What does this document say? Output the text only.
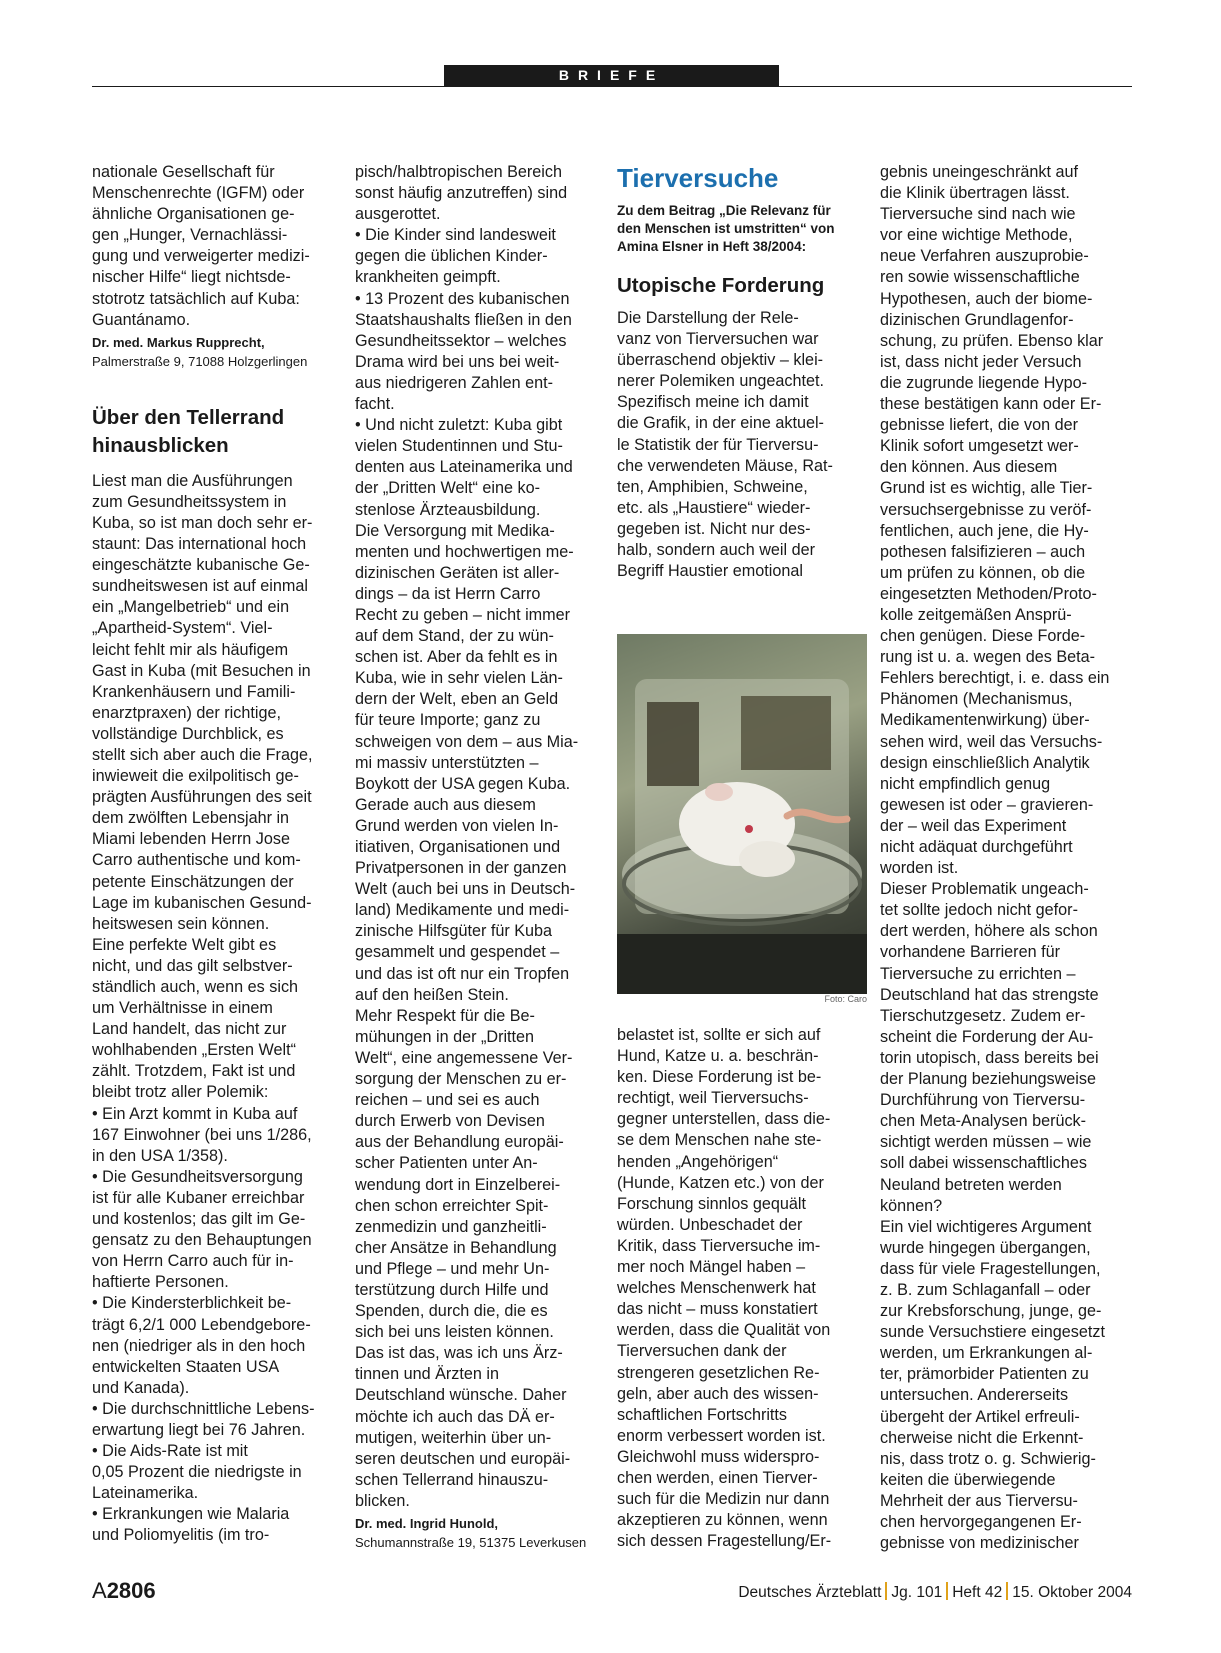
BRIEFE

nationale Gesellschaft für
Menschenrechte (IGFM) oder
ähnliche Organisationen ge-
gen „Hunger, Vernachlässi-
gung und verweigerter medizi-
nischer Hilfe“ liegt nichtsde-
stotrotz tatsächlich auf Kuba:
Guantánamo.

Dr. med. Markus Rupprecht,
Palmerstraße 9, 71088 Holzgerlingen

Über den Tellerrand
hinausblicken

Liest man die Ausführungen
zum Gesundheitssystem in
Kuba, so ist man doch sehr er-
staunt: Das international hoch
eingeschätzte kubanische Ge-
sundheitswesen ist auf einmal
ein „Mangelbetrieb“ und ein
„Apartheid-System“. Viel-
leicht fehlt mir als häufigem
Gast in Kuba (mit Besuchen in
Krankenhäusern und Famili-
enarztpraxen) der richtige,
vollständige Durchblick, es
stellt sich aber auch die Frage,
inwieweit die exilpolitisch ge-
prägten Ausführungen des seit
dem zwölften Lebensjahr in
Miami lebenden Herrn Jose
Carro authentische und kom-
petente Einschätzungen der
Lage im kubanischen Gesund-
heitswesen sein können.
Eine perfekte Welt gibt es
nicht, und das gilt selbstver-
ständlich auch, wenn es sich
um Verhältnisse in einem
Land handelt, das nicht zur
wohlhabenden „Ersten Welt“
zählt. Trotzdem, Fakt ist und
bleibt trotz aller Polemik:
• Ein Arzt kommt in Kuba auf
167 Einwohner (bei uns 1/286,
in den USA 1/358).
• Die Gesundheitsversorgung
ist für alle Kubaner erreichbar
und kostenlos; das gilt im Ge-
gensatz zu den Behauptungen
von Herrn Carro auch für in-
haftierte Personen.
• Die Kindersterblichkeit be-
trägt 6,2/1 000 Lebendgebore-
nen (niedriger als in den hoch
entwickelten Staaten USA
und Kanada).
• Die durchschnittliche Lebens-
erwartung liegt bei 76 Jahren.
• Die Aids-Rate ist mit
0,05 Prozent die niedrigste in
Lateinamerika.
• Erkrankungen wie Malaria
und Poliomyelitis (im tro-

pisch/halbtropischen Bereich
sonst häufig anzutreffen) sind
ausgerottet.
• Die Kinder sind landesweit
gegen die üblichen Kinder-
krankheiten geimpft.
• 13 Prozent des kubanischen
Staatshaushalts fließen in den
Gesundheitssektor – welches
Drama wird bei uns bei weit-
aus niedrigeren Zahlen ent-
facht.
• Und nicht zuletzt: Kuba gibt
vielen Studentinnen und Stu-
denten aus Lateinamerika und
der „Dritten Welt“ eine ko-
stenlose Ärzteausbildung.
Die Versorgung mit Medika-
menten und hochwertigen me-
dizinischen Geräten ist aller-
dings – da ist Herrn Carro
Recht zu geben – nicht immer
auf dem Stand, der zu wün-
schen ist. Aber da fehlt es in
Kuba, wie in sehr vielen Län-
dern der Welt, eben an Geld
für teure Importe; ganz zu
schweigen von dem – aus Mia-
mi massiv unterstützten –
Boykott der USA gegen Kuba.
Gerade auch aus diesem
Grund werden von vielen In-
itiativen, Organisationen und
Privatpersonen in der ganzen
Welt (auch bei uns in Deutsch-
land) Medikamente und medi-
zinische Hilfsgüter für Kuba
gesammelt und gespendet –
und das ist oft nur ein Tropfen
auf den heißen Stein.
Mehr Respekt für die Be-
mühungen in der „Dritten
Welt“, eine angemessene Ver-
sorgung der Menschen zu er-
reichen – und sei es auch
durch Erwerb von Devisen
aus der Behandlung europäi-
scher Patienten unter An-
wendung dort in Einzelberei-
chen schon erreichter Spit-
zenmedizin und ganzheitli-
cher Ansätze in Behandlung
und Pflege – und mehr Un-
terstützung durch Hilfe und
Spenden, durch die, die es
sich bei uns leisten können.
Das ist das, was ich uns Ärz-
tinnen und Ärzten in
Deutschland wünsche. Daher
möchte ich auch das DÄ er-
mutigen, weiterhin über un-
seren deutschen und europäi-
schen Tellerrand hinauszu-
blicken.

Dr. med. Ingrid Hunold,
Schumannstraße 19, 51375 Leverkusen

Tierversuche

Zu dem Beitrag „Die Relevanz für
den Menschen ist umstritten“ von
Amina Elsner in Heft 38/2004:

Utopische Forderung

Die Darstellung der Rele-
vanz von Tierversuchen war
überraschend objektiv – klei-
nerer Polemiken ungeachtet.
Spezifisch meine ich damit
die Grafik, in der eine aktuel-
le Statistik der für Tierversu-
che verwendeten Mäuse, Rat-
ten, Amphibien, Schweine,
etc. als „Haustiere“ wieder-
gegeben ist. Nicht nur des-
halb, sondern auch weil der
Begriff Haustier emotional

Foto: Caro

belastet ist, sollte er sich auf
Hund, Katze u. a. beschrän-
ken. Diese Forderung ist be-
rechtigt, weil Tierversuchs-
gegner unterstellen, dass die-
se dem Menschen nahe ste-
henden „Angehörigen“
(Hunde, Katzen etc.) von der
Forschung sinnlos gequält
würden. Unbeschadet der
Kritik, dass Tierversuche im-
mer noch Mängel haben –
welches Menschenwerk hat
das nicht – muss konstatiert
werden, dass die Qualität von
Tierversuchen dank der
strengeren gesetzlichen Re-
geln, aber auch des wissen-
schaftlichen Fortschritts
enorm verbessert worden ist.
Gleichwohl muss widerspro-
chen werden, einen Tierver-
such für die Medizin nur dann
akzeptieren zu können, wenn
sich dessen Fragestellung/Er-

gebnis uneingeschränkt auf
die Klinik übertragen lässt.
Tierversuche sind nach wie
vor eine wichtige Methode,
neue Verfahren auszuprobie-
ren sowie wissenschaftliche
Hypothesen, auch der biome-
dizinischen Grundlagenfor-
schung, zu prüfen. Ebenso klar
ist, dass nicht jeder Versuch
die zugrunde liegende Hypo-
these bestätigen kann oder Er-
gebnisse liefert, die von der
Klinik sofort umgesetzt wer-
den können. Aus diesem
Grund ist es wichtig, alle Tier-
versuchsergebnisse zu veröf-
fentlichen, auch jene, die Hy-
pothesen falsifizieren – auch
um prüfen zu können, ob die
eingesetzten Methoden/Proto-
kolle zeitgemäßen Ansprü-
chen genügen. Diese Forde-
rung ist u. a. wegen des Beta-
Fehlers berechtigt, i. e. dass ein
Phänomen (Mechanismus,
Medikamentenwirkung) über-
sehen wird, weil das Versuchs-
design einschließlich Analytik
nicht empfindlich genug
gewesen ist oder – gravieren-
der – weil das Experiment
nicht adäquat durchgeführt
worden ist.
Dieser Problematik ungeach-
tet sollte jedoch nicht gefor-
dert werden, höhere als schon
vorhandene Barrieren für
Tierversuche zu errichten –
Deutschland hat das strengste
Tierschutzgesetz. Zudem er-
scheint die Forderung der Au-
torin utopisch, dass bereits bei
der Planung beziehungsweise
Durchführung von Tierversu-
chen Meta-Analysen berück-
sichtigt werden müssen – wie
soll dabei wissenschaftliches
Neuland betreten werden
können?
Ein viel wichtigeres Argument
wurde hingegen übergangen,
dass für viele Fragestellungen,
z. B. zum Schlaganfall – oder
zur Krebsforschung, junge, ge-
sunde Versuchstiere eingesetzt
werden, um Erkrankungen al-
ter, prämorbider Patienten zu
untersuchen. Andererseits
übergeht der Artikel erfreuli-
cherweise nicht die Erkennt-
nis, dass trotz o. g. Schwierig-
keiten die überwiegende
Mehrheit der aus Tierversu-
chen hervorgegangenen Er-
gebnisse von medizinischer

A2806	Deutsches Ärzteblatt Jg. 101 Heft 42 15. Oktober 2004
